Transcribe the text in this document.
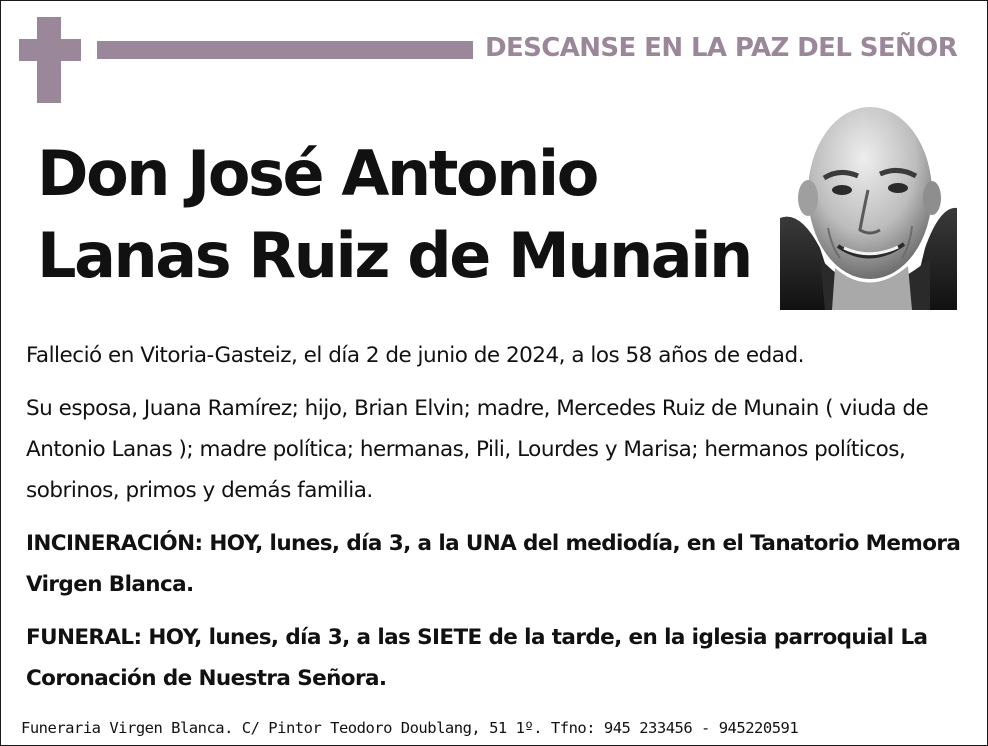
DESCANSE EN LA PAZ DEL SEÑOR
Don José Antonio
Lanas Ruiz de Munain

Falleció en Vitoria-Gasteiz, el día 2 de junio de 2024, a los 58 años de edad.

Su esposa, Juana Ramírez; hijo, Brian Elvin; madre, Mercedes Ruiz de Munain ( viuda de Antonio Lanas ); madre política; hermanas, Pili, Lourdes y Marisa; hermanos políticos, sobrinos, primos y demás familia.

INCINERACIÓN: HOY, lunes, día 3, a la UNA del mediodía, en el Tanatorio Memora Virgen Blanca.

FUNERAL: HOY, lunes, día 3, a las SIETE de la tarde, en la iglesia parroquial La Coronación de Nuestra Señora.

Funeraria Virgen Blanca. C/ Pintor Teodoro Doublang, 51 1º. Tfno: 945 233456 - 945220591
